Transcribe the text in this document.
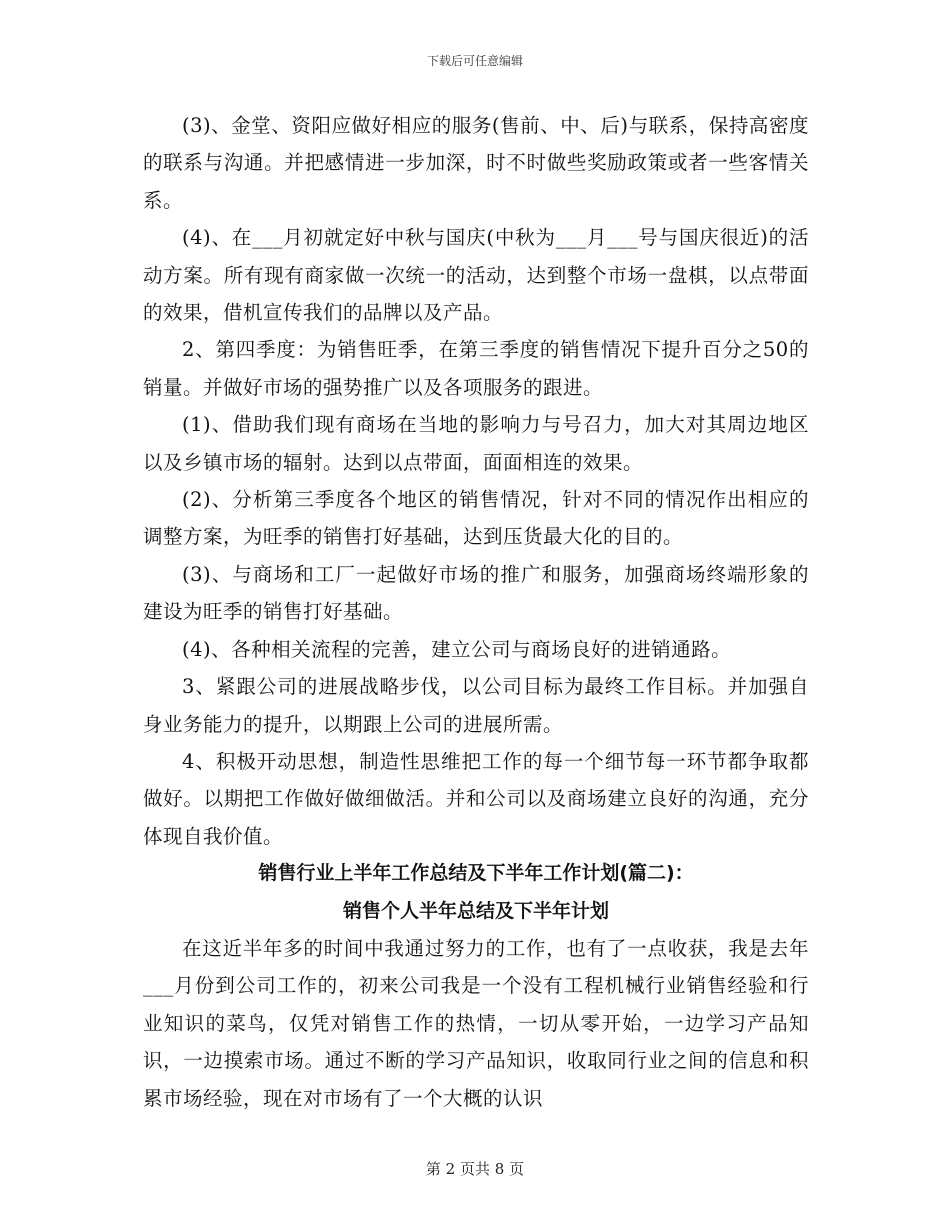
下载后可任意编辑

(3)、金堂、资阳应做好相应的服务(售前、中、后)与联系，保持高密度的联系与沟通。并把感情进一步加深，时不时做些奖励政策或者一些客情关系。

(4)、在___月初就定好中秋与国庆(中秋为___月___号与国庆很近)的活动方案。所有现有商家做一次统一的活动，达到整个市场一盘棋，以点带面的效果，借机宣传我们的品牌以及产品。

2、第四季度：为销售旺季，在第三季度的销售情况下提升百分之50的销量。并做好市场的强势推广以及各项服务的跟进。

(1)、借助我们现有商场在当地的影响力与号召力，加大对其周边地区以及乡镇市场的辐射。达到以点带面，面面相连的效果。

(2)、分析第三季度各个地区的销售情况，针对不同的情况作出相应的调整方案，为旺季的销售打好基础，达到压货最大化的目的。

(3)、与商场和工厂一起做好市场的推广和服务，加强商场终端形象的建设为旺季的销售打好基础。

(4)、各种相关流程的完善，建立公司与商场良好的进销通路。

3、紧跟公司的进展战略步伐，以公司目标为最终工作目标。并加强自身业务能力的提升，以期跟上公司的进展所需。

4、积极开动思想，制造性思维把工作的每一个细节每一环节都争取都做好。以期把工作做好做细做活。并和公司以及商场建立良好的沟通，充分体现自我价值。

销售行业上半年工作总结及下半年工作计划(篇二)：

销售个人半年总结及下半年计划

在这近半年多的时间中我通过努力的工作，也有了一点收获，我是去年___月份到公司工作的，初来公司我是一个没有工程机械行业销售经验和行业知识的菜鸟，仅凭对销售工作的热情，一切从零开始，一边学习产品知识，一边摸索市场。通过不断的学习产品知识，收取同行业之间的信息和积累市场经验，现在对市场有了一个大概的认识

第 2 页共 8 页
